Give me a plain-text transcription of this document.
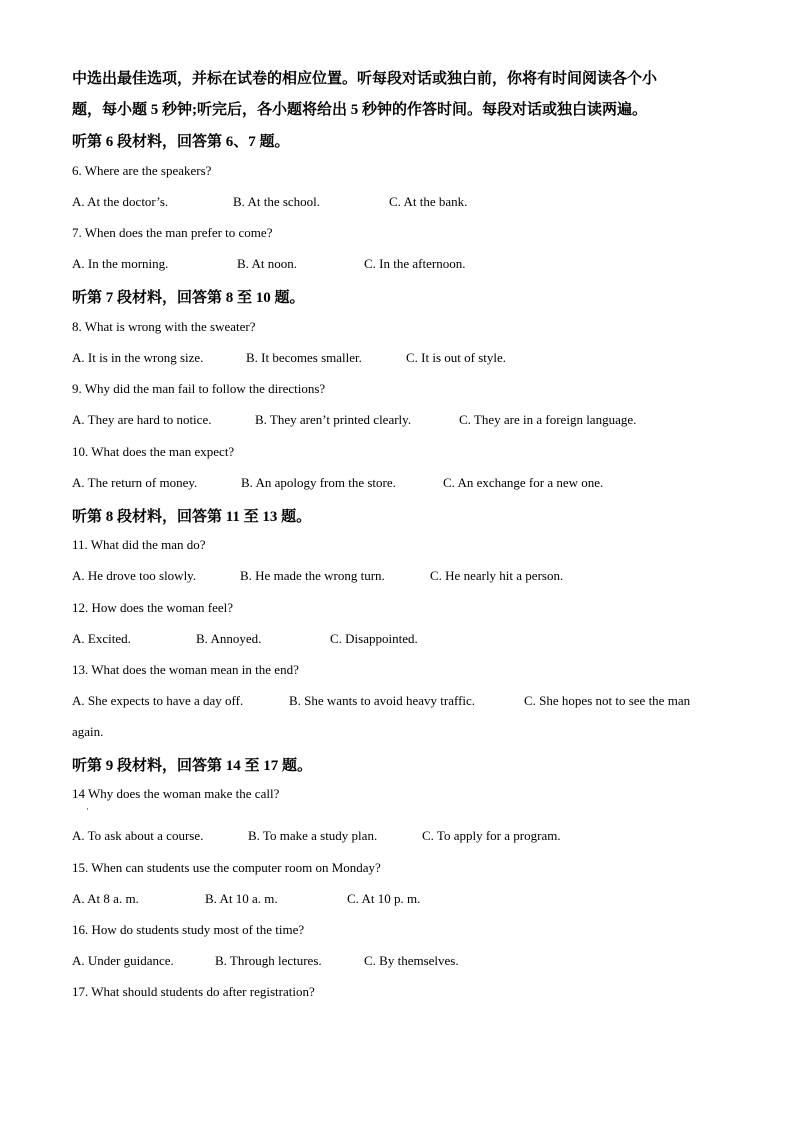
中选出最佳选项，并标在试卷的相应位置。听每段对话或独白前，你将有时间阅读各个小
题，每小题 5 秒钟;听完后，各小题将给出 5 秒钟的作答时间。每段对话或独白读两遍。

听第 6 段材料，回答第 6、7 题。
6. Where are the speakers?
A. At the doctor’s.	B. At the school.	C. At the bank.
7. When does the man prefer to come?
A. In the morning.	B. At noon.	C. In the afternoon.
听第 7 段材料，回答第 8 至 10 题。
8. What is wrong with the sweater?
A. It is in the wrong size.	B. It becomes smaller.	C. It is out of style.
9. Why did the man fail to follow the directions?
A. They are hard to notice.	B. They aren’t printed clearly.	C. They are in a foreign language.
10. What does the man expect?
A. The return of money.	B. An apology from the store.	C. An exchange for a new one.
听第 8 段材料，回答第 11 至 13 题。
11. What did the man do?
A. He drove too slowly.	B. He made the wrong turn.	C. He nearly hit a person.
12. How does the woman feel?
A. Excited.	B. Annoyed.	C. Disappointed.
13. What does the woman mean in the end?
A. She expects to have a day off.	B. She wants to avoid heavy traffic.	C. She hopes not to see the man
again.
听第 9 段材料，回答第 14 至 17 题。
14 Why does the woman make the call?
·
A. To ask about a course.	B. To make a study plan.	C. To apply for a program.
15. When can students use the computer room on Monday?
A. At 8 a. m.	B. At 10 a. m.	C. At 10 p. m.
16. How do students study most of the time?
A. Under guidance.	B. Through lectures.	C. By themselves.
17. What should students do after registration?
